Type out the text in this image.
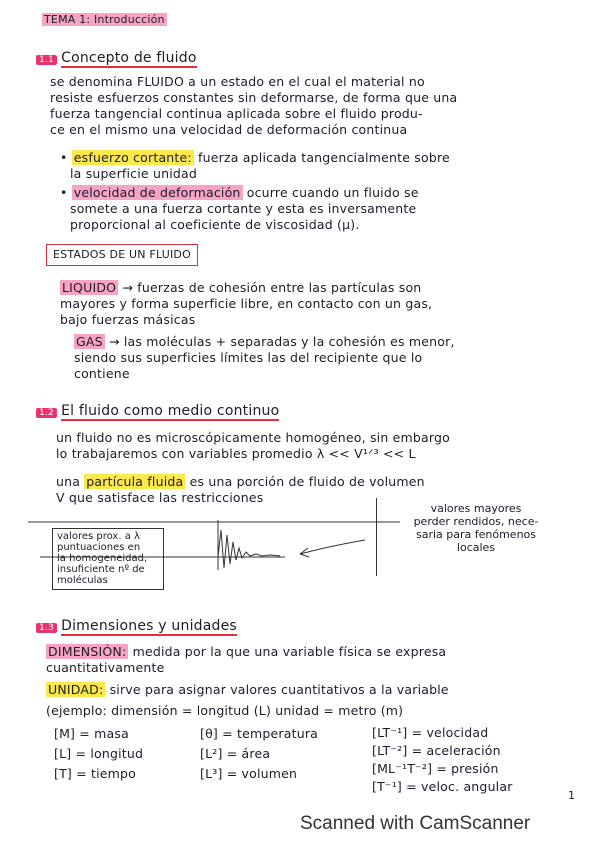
TEMA 1: Introducción
1.1 Concepto de fluido
se denomina FLUIDO a un estado en el cual el material no
resiste esfuerzos constantes sin deformarse, de forma que una
fuerza tangencial continua aplicada sobre el fluido produ-
ce en el mismo una velocidad de deformación continua
• esfuerzo cortante: fuerza aplicada tangencialmente sobre
la superficie unidad
• velocidad de deformación ocurre cuando un fluido se
somete a una fuerza cortante y esta es inversamente
proporcional al coeficiente de viscosidad (μ).
ESTADOS DE UN FLUIDO
LIQUIDO → fuerzas de cohesión entre las partículas son
mayores y forma superficie libre, en contacto con un gas,
bajo fuerzas másicas
GAS → las moléculas + separadas y la cohesión es menor,
siendo sus superficies límites las del recipiente que lo
contiene
1.2 El fluido como medio continuo
un fluido no es microscópicamente homogéneo, sin embargo
lo trabajaremos con variables promedio λ << V¹ᐟ³ << L
una partícula fluida es una porción de fluido de volumen
V que satisface las restricciones
valores prox. a λ
puntuaciones en
la homogeneidad,
insuficiente nº de
moléculas
valores mayores
perder rendidos, nece-
saria para fenómenos
locales
1.3 Dimensiones y unidades
DIMENSIÓN: medida por la que una variable física se expresa
cuantitativamente
UNIDAD: sirve para asignar valores cuantitativos a la variable
(ejemplo: dimensión = longitud (L) unidad = metro (m)
[M] = masa
[L] = longitud
[T] = tiempo
[θ] = temperatura
[L²] = área
[L³] = volumen
[LT⁻¹] = velocidad
[LT⁻²] = aceleración
[ML⁻¹T⁻²] = presión
[T⁻¹] = veloc. angular
1
Scanned with CamScanner
